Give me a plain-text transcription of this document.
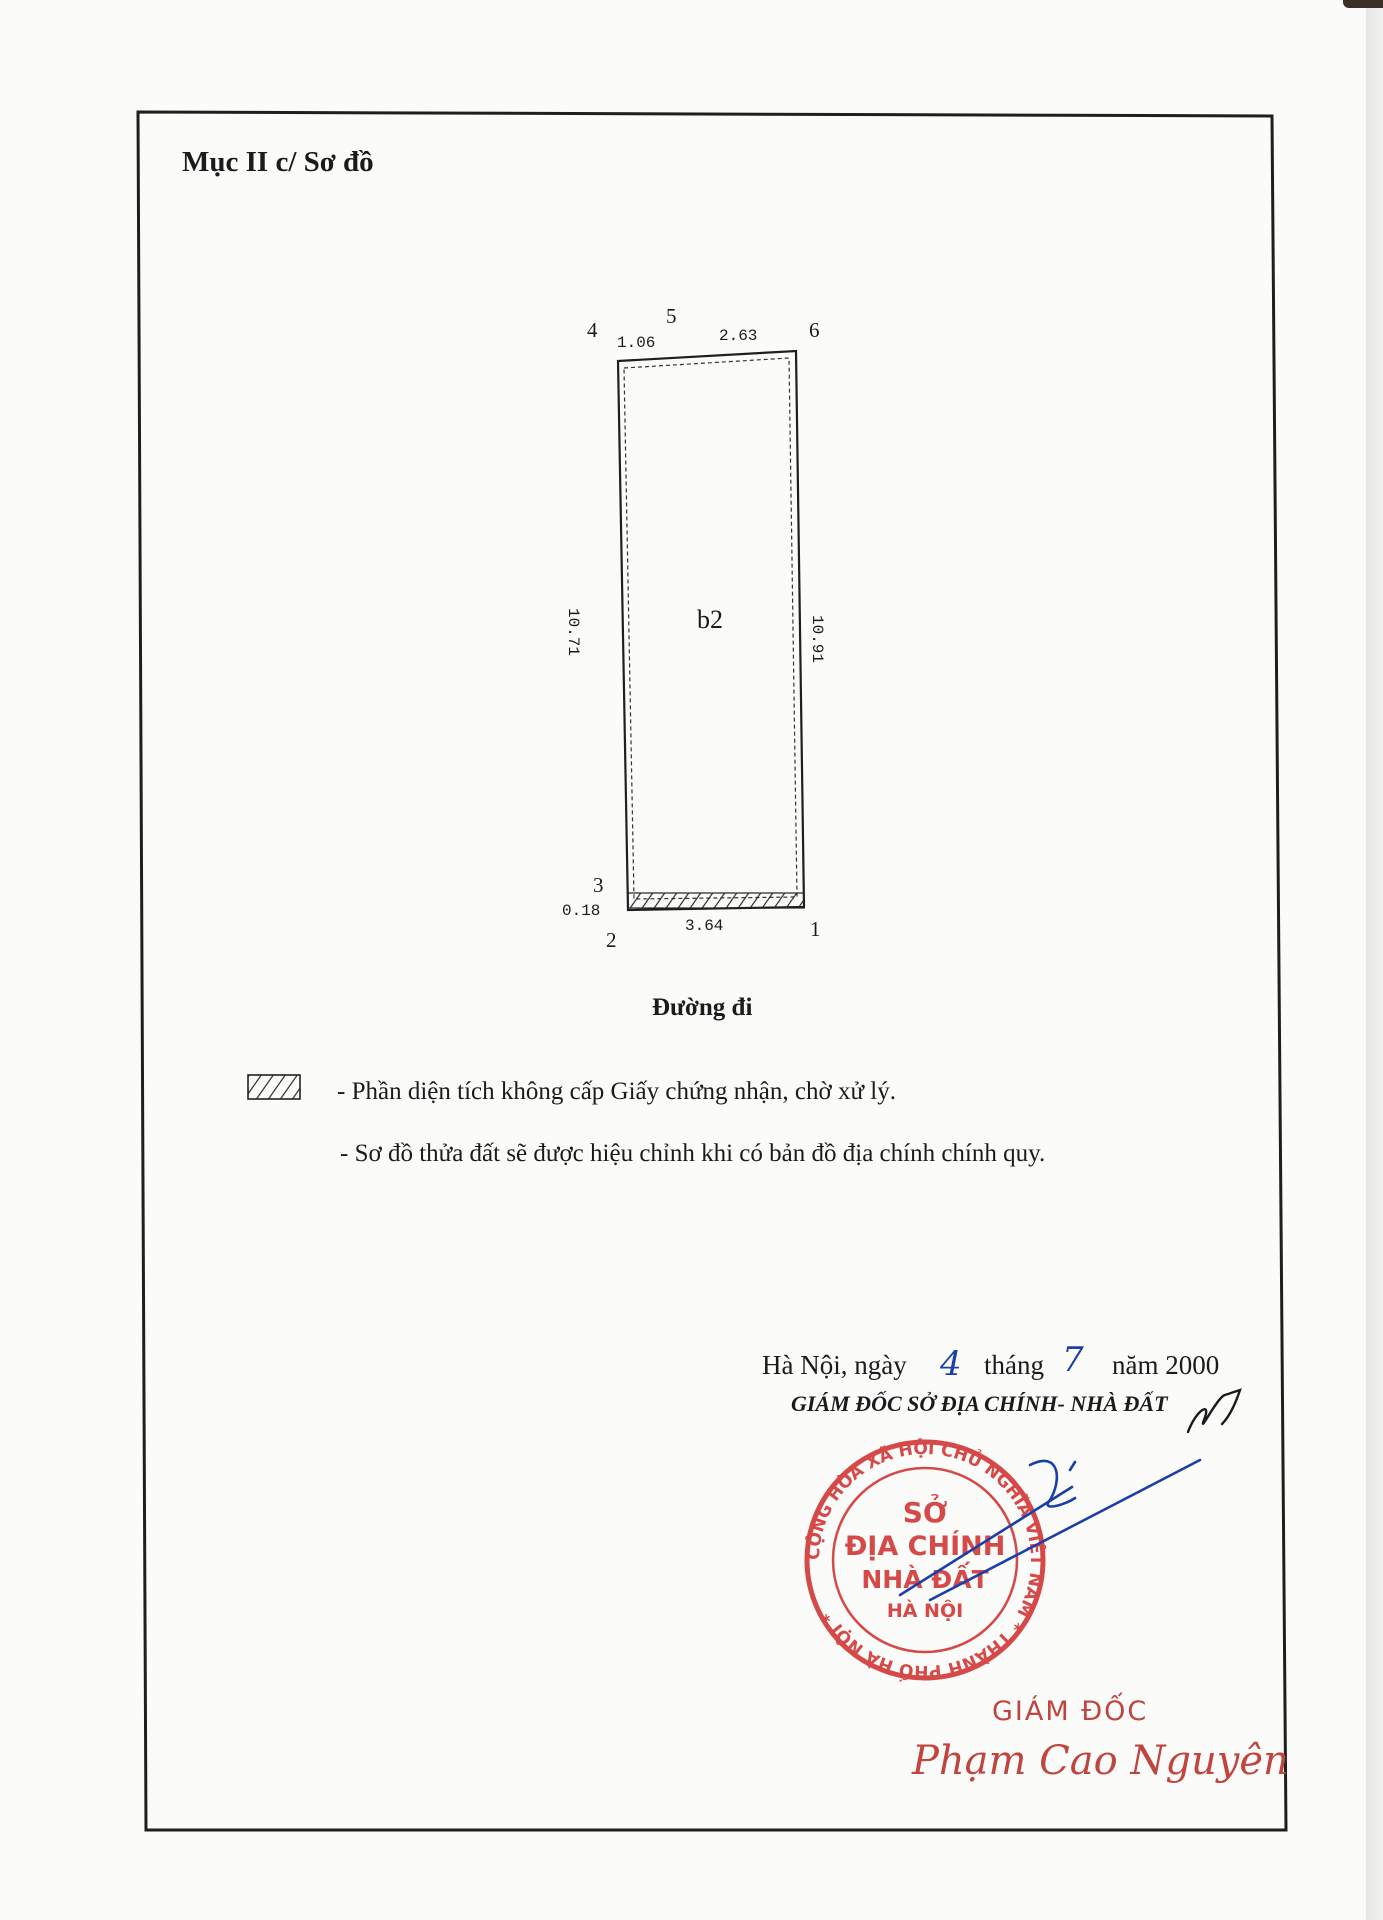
CỘNG HÒA XÃ HỘI CHỦ NGHĨA VIỆT NAM * THÀNH PHỐ HÀ NỘI *
SỞ
ĐỊA CHÍNH
NHÀ ĐẤT
HÀ NỘI
Mục II c/ Sơ đồ
4
5
6
3
2	1
1.06	2.63
10.71	10.91
3.64
0.18
b2
Đường đi
- Phần diện tích không cấp Giấy chứng nhận, chờ xử lý.
- Sơ đồ thửa đất sẽ được hiệu chỉnh khi có bản đồ địa chính chính quy.
Hà Nội, ngày 4 tháng 7 năm 2000
GIÁM ĐỐC SỞ ĐỊA CHÍNH- NHÀ ĐẤT
GIÁM ĐỐC
Phạm Cao Nguyên
